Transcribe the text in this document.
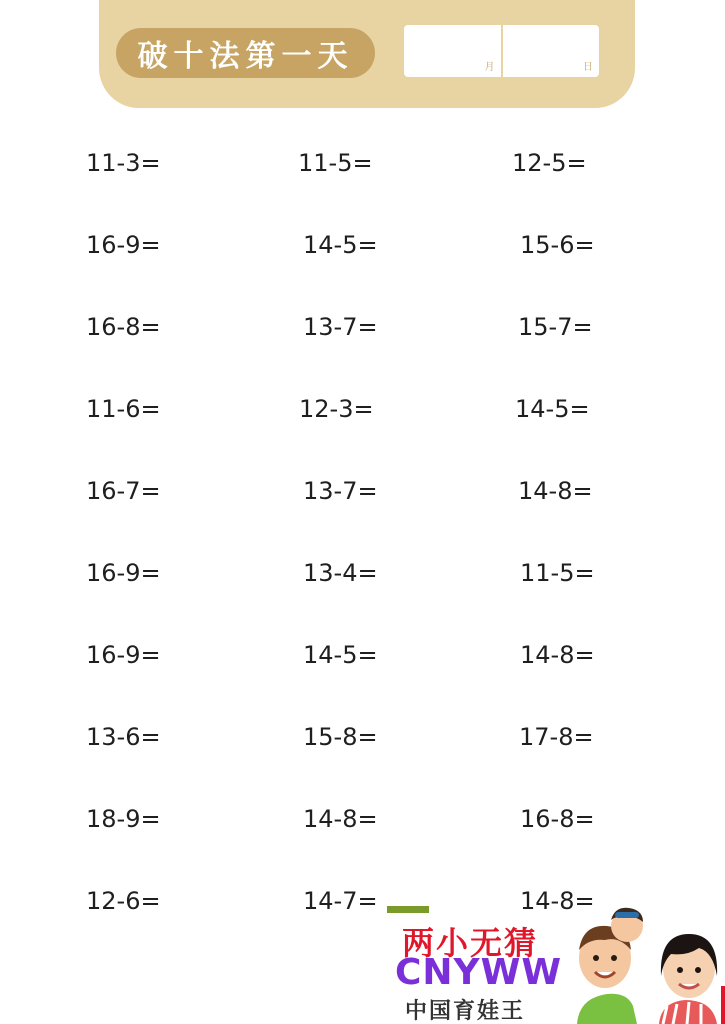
破十法第一天	月	日
11-3=	11-5=	12-5=
16-9=	14-5=	15-6=
16-8=	13-7=	15-7=
11-6=	12-3=	14-5=
16-7=	13-7=	14-8=
16-9=	13-4=	11-5=
16-9=	14-5=	14-8=
13-6=	15-8=	17-8=
18-9=	14-8=	16-8=
12-6=	14-7=	14-8=
两小无猜
CNYWW
中国育娃王
